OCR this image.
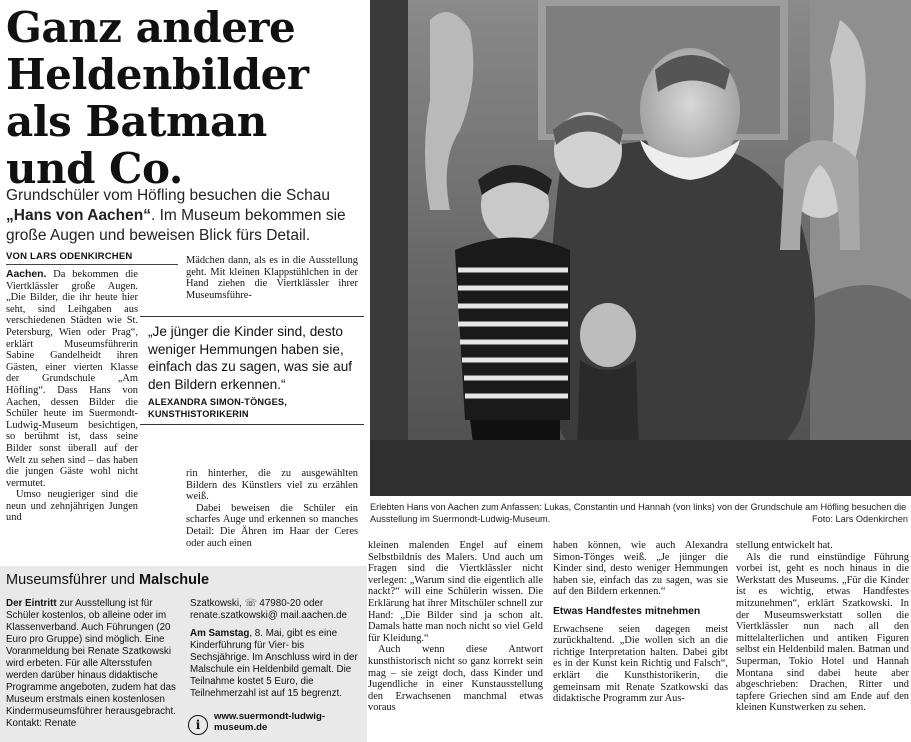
Ganz andere Heldenbilder als Batman und Co.
Grundschüler vom Höfling besuchen die Schau „Hans von Aachen“. Im Museum bekommen sie große Augen und beweisen Blick fürs Detail.
VON LARS ODENKIRCHEN

Aachen. Da bekommen die Viertklässler große Augen. „Die Bilder, die ihr heute hier seht, sind Leihgaben aus verschiedenen Städten wie St. Petersburg, Wien oder Prag“, erklärt Museumsführerin Sabine Gandelheidt ihren Gästen, einer vierten Klasse der Grundschule „Am Höfling“. Dass Hans von Aachen, dessen Bilder die Schüler heute im Suermondt-Ludwig-Museum besichtigen, so berühmt ist, dass seine Bilder sonst überall auf der Welt zu sehen sind – das haben die jungen Gäste wohl nicht vermutet.

Umso neugieriger sind die neun und zehnjährigen Jungen und

Mädchen dann, als es in die Ausstellung geht. Mit kleinen Klappstühlchen in der Hand ziehen die Viertklässler ihrer Museumsführe-

„Je jünger die Kinder sind, desto weniger Hemmungen haben sie, einfach das zu sagen, was sie auf den Bildern erkennen.“
ALEXANDRA SIMON-TÖNGES,
KUNSTHISTORIKERIN

rin hinterher, die zu ausgewählten Bildern des Künstlers viel zu erzählen weiß.

Dabei beweisen die Schüler ein scharfes Auge und erkennen so manches Detail: Die Ähren im Haar der Ceres oder auch einen

Erlebten Hans von Aachen zum Anfassen: Lukas, Constantin und Hannah (von links) von der Grundschule am Höfling besuchen die Ausstellung im Suermondt-Ludwig-Museum.	Foto: Lars Odenkirchen

kleinen malenden Engel auf einem Selbstbildnis des Malers. Und auch um Fragen sind die Viertklässler nicht verlegen: „Warum sind die eigentlich alle nackt?“ will eine Schülerin wissen. Die Erklärung hat ihrer Mitschüler schnell zur Hand: „Die Bilder sind ja schon alt. Damals hatte man noch nicht so viel Geld für Kleidung.“

Auch wenn diese Antwort kunsthistorisch nicht so ganz korrekt sein mag – sie zeigt doch, dass Kinder und Jugendliche in einer Kunstausstellung den Erwachsenen manchmal etwas voraus

haben können, wie auch Alexandra Simon-Tönges weiß. „Je jünger die Kinder sind, desto weniger Hemmungen haben sie, einfach das zu sagen, was sie auf den Bildern erkennen.“

Etwas Handfestes mitnehmen

Erwachsene seien dagegen meist zurückhaltend. „Die wollen sich an die richtige Interpretation halten. Dabei gibt es in der Kunst kein Richtig und Falsch“, erklärt die Kunsthistorikerin, die gemeinsam mit Renate Szatkowski das didaktische Programm zur Aus-

stellung entwickelt hat.

Als die rund einstündige Führung vorbei ist, geht es noch hinaus in die Werkstatt des Museums. „Für die Kinder ist es wichtig, etwas Handfestes mitzunehmen“, erklärt Szatkowski. In der Museumswerkstatt sollen die Viertklässler nun nach all den mittelalterlichen und antiken Figuren selbst ein Heldenbild malen. Batman und Superman, Tokio Hotel und Hannah Montana sind dabei heute aber abgeschrieben: Drachen, Ritter und tapfere Griechen sind am Ende auf den kleinen Kunstwerken zu sehen.

Museumsführer und Malschule

Der Eintritt zur Ausstellung ist für Schüler kostenlos, ob alleine oder im Klassenverband. Auch Führungen (20 Euro pro Gruppe) sind möglich. Eine Voranmeldung bei Renate Szatkowski wird erbeten. Für alle Altersstufen werden darüber hinaus didaktische Programme angeboten, zudem hat das Museum erstmals einen kostenlosen Kindermuseumsführer herausgebracht. Kontakt: Renate

Szatkowski, ☏ 47980-20 oder
renate.szatkowski@ mail.aachen.de

Am Samstag, 8. Mai, gibt es eine Kinderführung für Vier- bis Sechsjährige. Im Anschluss wird in der Malschule ein Heldenbild gemalt. Die Teilnahme kostet 5 Euro, die Teilnehmerzahl ist auf 15 begrenzt.

i
www.suermondt-ludwig-museum.de
